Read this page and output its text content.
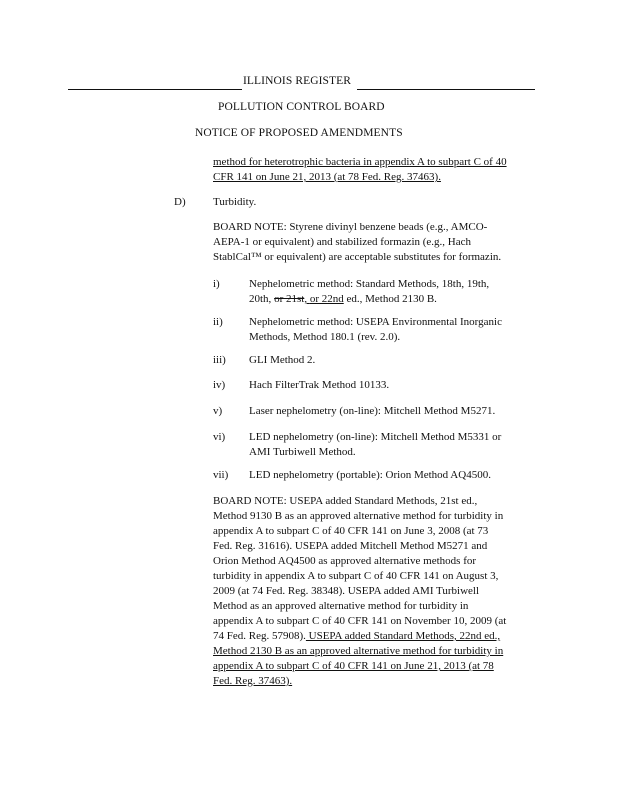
ILLINOIS REGISTER
POLLUTION CONTROL BOARD
NOTICE OF PROPOSED AMENDMENTS
method for heterotrophic bacteria in appendix A to subpart C of 40
CFR 141 on June 21, 2013 (at 78 Fed. Reg. 37463).
D) Turbidity.
BOARD NOTE: Styrene divinyl benzene beads (e.g., AMCO-
AEPA-1 or equivalent) and stabilized formazin (e.g., Hach
StablCal™ or equivalent) are acceptable substitutes for formazin.
i)	Nephelometric method: Standard Methods, 18th, 19th,
20th, or 21st, or 22nd ed., Method 2130 B.
ii) Nephelometric method: USEPA Environmental Inorganic
Methods, Method 180.1 (rev. 2.0).
iii) GLI Method 2.
iv) Hach FilterTrak Method 10133.
v) Laser nephelometry (on-line): Mitchell Method M5271.
vi) LED nephelometry (on-line): Mitchell Method M5331 or
AMI Turbiwell Method.
vii) LED nephelometry (portable): Orion Method AQ4500.
BOARD NOTE: USEPA added Standard Methods, 21st ed.,
Method 9130 B as an approved alternative method for turbidity in
appendix A to subpart C of 40 CFR 141 on June 3, 2008 (at 73
Fed. Reg. 31616). USEPA added Mitchell Method M5271 and
Orion Method AQ4500 as approved alternative methods for
turbidity in appendix A to subpart C of 40 CFR 141 on August 3,
2009 (at 74 Fed. Reg. 38348). USEPA added AMI Turbiwell
Method as an approved alternative method for turbidity in
appendix A to subpart C of 40 CFR 141 on November 10, 2009 (at
74 Fed. Reg. 57908). USEPA added Standard Methods, 22nd ed.,
Method 2130 B as an approved alternative method for turbidity in
appendix A to subpart C of 40 CFR 141 on June 21, 2013 (at 78
Fed. Reg. 37463).
